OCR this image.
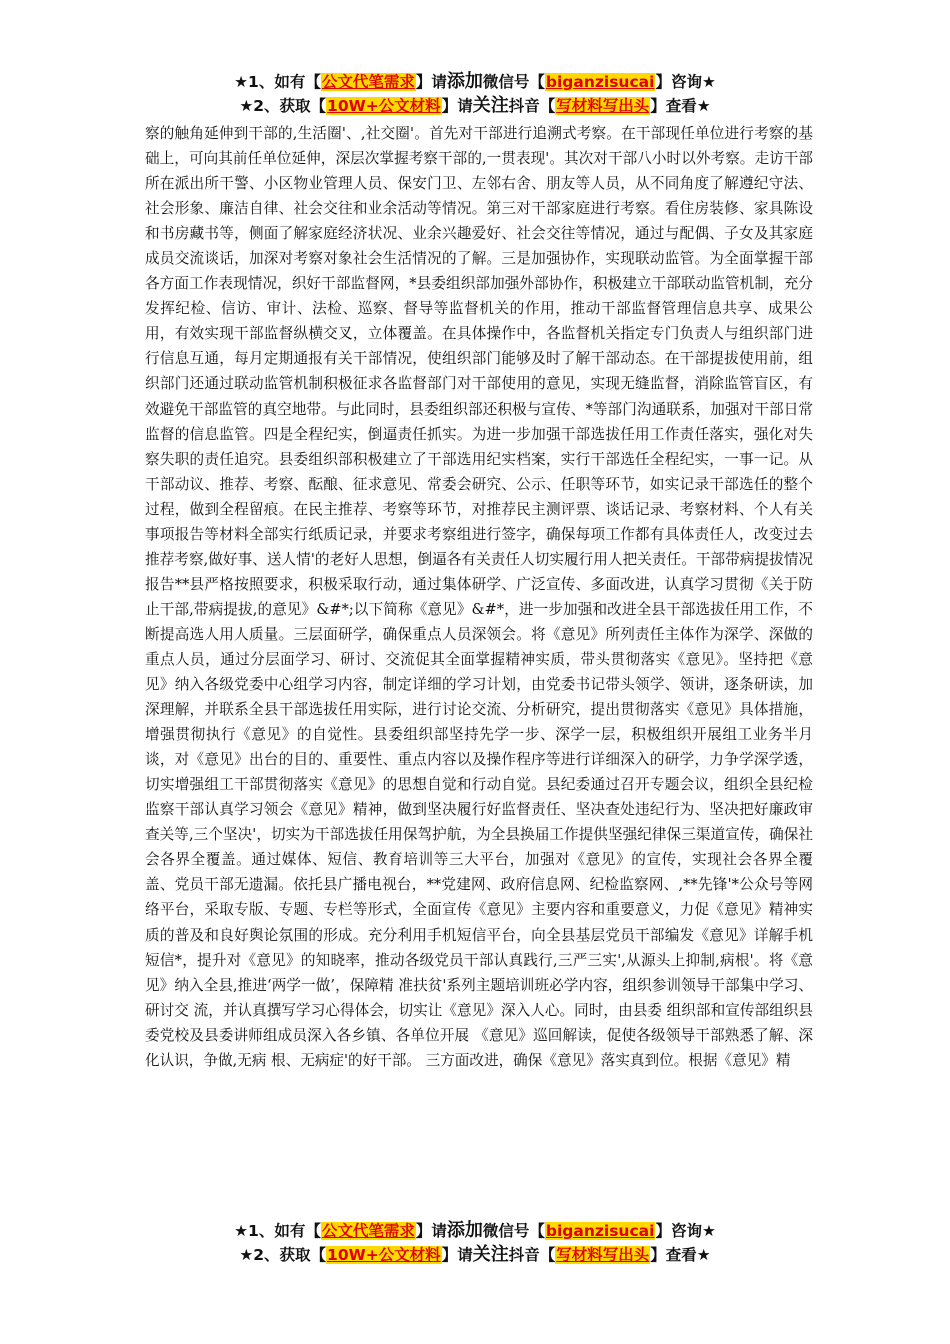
★1、如有【公文代笔需求】请添加微信号【biganzisucai】咨询★
★2、获取【10W+公文材料】请关注抖音【写材料写出头】查看★

察的触角延伸到干部的,生活圈'、,社交圈'。首先对干部进行追溯式考察。在干部现任单位进行考察的基础上，可向其前任单位延伸，深层次掌握考察干部的,一贯表现'。其次对干部八小时以外考察。走访干部所在派出所干警、小区物业管理人员、保安门卫、左邻右舍、朋友等人员，从不同角度了解遵纪守法、社会形象、廉洁自律、社会交往和业余活动等情况。第三对干部家庭进行考察。看住房装修、家具陈设和书房藏书等，侧面了解家庭经济状况、业余兴趣爱好、社会交往等情况，通过与配偶、子女及其家庭成员交流谈话，加深对考察对象社会生活情况的了解。三是加强协作，实现联动监管。为全面掌握干部各方面工作表现情况，织好干部监督网，*县委组织部加强外部协作，积极建立干部联动监管机制，充分发挥纪检、信访、审计、法检、巡察、督导等监督机关的作用，推动干部监督管理信息共享、成果公用，有效实现干部监督纵横交叉，立体覆盖。在具体操作中，各监督机关指定专门负责人与组织部门进行信息互通，每月定期通报有关干部情况，使组织部门能够及时了解干部动态。在干部提拔使用前，组织部门还通过联动监管机制积极征求各监督部门对干部使用的意见，实现无缝监督，消除监管盲区，有效避免干部监管的真空地带。与此同时，县委组织部还积极与宣传、*等部门沟通联系，加强对干部日常监督的信息监管。四是全程纪实，倒逼责任抓实。为进一步加强干部选拔任用工作责任落实，强化对失察失职的责任追究。县委组织部积极建立了干部选用纪实档案，实行干部选任全程纪实，一事一记。从干部动议、推荐、考察、酝酿、征求意见、常委会研究、公示、任职等环节，如实记录干部选任的整个过程，做到全程留痕。在民主推荐、考察等环节，对推荐民主测评票、谈话记录、考察材料、个人有关事项报告等材料全部实行纸质记录，并要求考察组进行签字，确保每项工作都有具体责任人，改变过去推荐考察,做好事、送人情'的老好人思想，倒逼各有关责任人切实履行用人把关责任。干部带病提拔情况报告**县严格按照要求，积极采取行动，通过集体研学、广泛宣传、多面改进，认真学习贯彻《关于防止干部,带病提拔,的意见》&#*;以下简称《意见》&#*，进一步加强和改进全县干部选拔任用工作，不断提高选人用人质量。三层面研学，确保重点人员深领会。将《意见》所列责任主体作为深学、深做的重点人员，通过分层面学习、研讨、交流促其全面掌握精神实质，带头贯彻落实《意见》。坚持把《意见》纳入各级党委中心组学习内容，制定详细的学习计划，由党委书记带头领学、领讲，逐条研读，加深理解，并联系全县干部选拔任用实际，进行讨论交流、分析研究，提出贯彻落实《意见》具体措施，增强贯彻执行《意见》的自觉性。县委组织部坚持先学一步、深学一层，积极组织开展组工业务半月谈，对《意见》出台的目的、重要性、重点内容以及操作程序等进行详细深入的研学，力争学深学透，切实增强组工干部贯彻落实《意见》的思想自觉和行动自觉。县纪委通过召开专题会议，组织全县纪检监察干部认真学习领会《意见》精神，做到坚决履行好监督责任、坚决查处违纪行为、坚决把好廉政审查关等,三个坚决'，切实为干部选拔任用保驾护航，为全县换届工作提供坚强纪律保三渠道宣传，确保社会各界全覆盖。通过媒体、短信、教育培训等三大平台，加强对《意见》的宣传，实现社会各界全覆盖、党员干部无遗漏。依托县广播电视台，**党建网、政府信息网、纪检监察网、,**先锋'*公众号等网络平台，采取专版、专题、专栏等形式，全面宣传《意见》主要内容和重要意义，力促《意见》精神实质的普及和良好舆论氛围的形成。充分利用手机短信平台，向全县基层党员干部编发《意见》详解手机短信*，提升对《意见》的知晓率，推动各级党员干部认真践行,三严三实',从源头上抑制,病根'。将《意见》纳入全县,推进‘两学一做’，保障精 准扶贫'系列主题培训班必学内容，组织参训领导干部集中学习、研讨交 流，并认真撰写学习心得体会，切实让《意见》深入人心。同时，由县委 组织部和宣传部组织县委党校及县委讲师组成员深入各乡镇、各单位开展 《意见》巡回解读，促使各级领导干部熟悉了解、深化认识，争做,无病 根、无病症'的好干部。 三方面改进，确保《意见》落实真到位。根据《意见》精

★1、如有【公文代笔需求】请添加微信号【biganzisucai】咨询★
★2、获取【10W+公文材料】请关注抖音【写材料写出头】查看★
